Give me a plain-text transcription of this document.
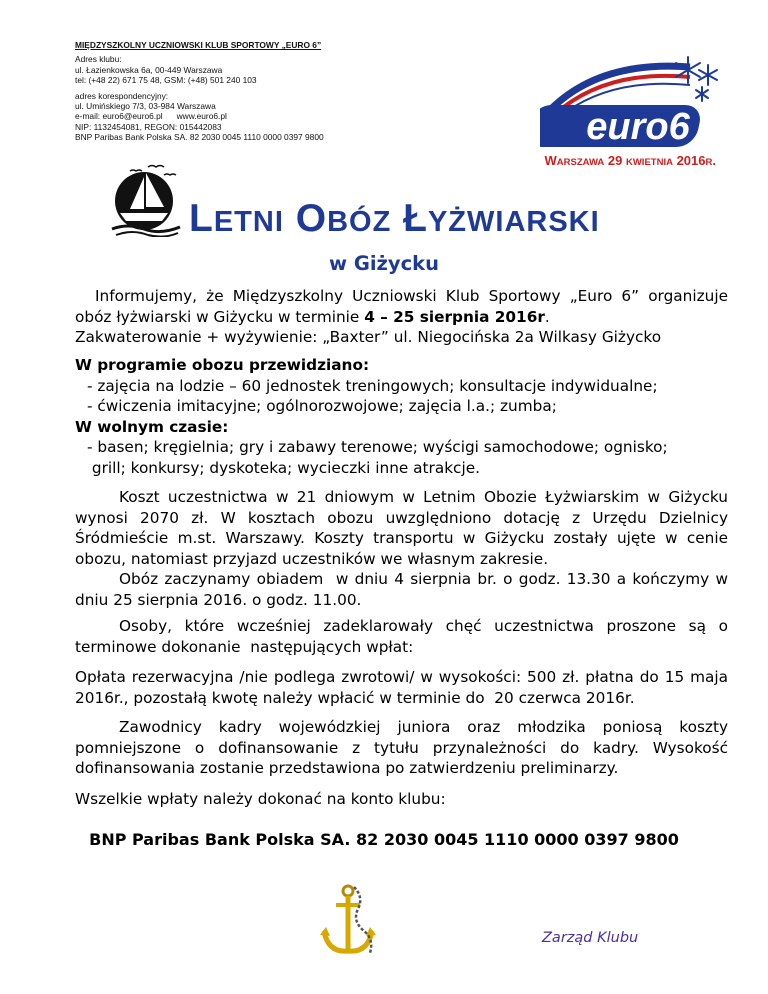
MIĘDZYSZKOLNY UCZNIOWSKI KLUB SPORTOWY „EURO 6”
Adres klubu:
ul. Łazienkowska 6a, 00-449 Warszawa
tel: (+48 22) 671 75 48, GSM: (+48) 501 240 103
adres korespondencyjny:
ul. Umińskiego 7/3, 03-984 Warszawa
e-mail: euro6@euro6.pl      www.euro6.pl
NIP: 1132454081, REGON: 015442083
BNP Paribas Bank Polska SA. 82 2030 0045 1110 0000 0397 9800	euro6
WARSZAWA 29 KWIETNIA 2016R.
LETNI OBÓZ ŁYŻWIARSKI
w Giżycku

Informujemy, że Międzyszkolny Uczniowski Klub Sportowy „Euro 6” organizuje obóz łyżwiarski w Giżycku w terminie 4 – 25 sierpnia 2016r.

Zakwaterowanie + wyżywienie: „Baxter” ul. Niegocińska 2a Wilkasy Giżycko

W programie obozu przewidziano:

- zajęcia na lodzie – 60 jednostek treningowych; konsultacje indywidualne;

- ćwiczenia imitacyjne; ogólnorozwojowe; zajęcia l.a.; zumba;

W wolnym czasie:

- basen; kręgielnia; gry i zabawy terenowe; wyścigi samochodowe; ognisko;

grill; konkursy; dyskoteka; wycieczki inne atrakcje.

Koszt uczestnictwa w 21 dniowym w Letnim Obozie Łyżwiarskim w Giżycku wynosi 2070 zł. W kosztach obozu uwzględniono dotację z Urzędu Dzielnicy Śródmieście m.st. Warszawy. Koszty transportu w Giżycku zostały ujęte w cenie obozu, natomiast przyjazd uczestników we własnym zakresie.

Obóz zaczynamy obiadem  w dniu 4 sierpnia br. o godz. 13.30 a kończymy w dniu 25 sierpnia 2016. o godz. 11.00.

Osoby, które wcześniej zadeklarowały chęć uczestnictwa proszone są o terminowe dokonanie  następujących wpłat:

Opłata rezerwacyjna /nie podlega zwrotowi/ w wysokości: 500 zł. płatna do 15 maja 2016r., pozostałą kwotę należy wpłacić w terminie do  20 czerwca 2016r.

Zawodnicy kadry wojewódzkiej juniora oraz młodzika poniosą koszty pomniejszone o dofinansowanie z tytułu przynależności do kadry. Wysokość dofinansowania zostanie przedstawiona po zatwierdzeniu preliminarzy.

Wszelkie wpłaty należy dokonać na konto klubu:

BNP Paribas Bank Polska SA. 82 2030 0045 1110 0000 0397 9800
Zarząd Klubu
